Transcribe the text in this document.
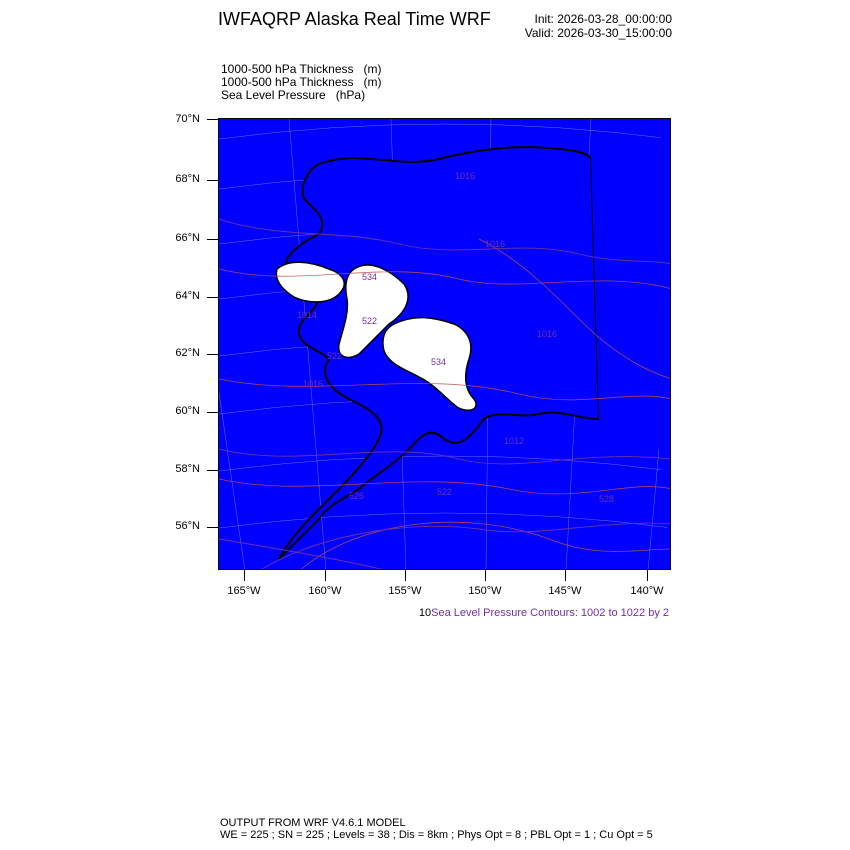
IWFAQRP Alaska Real Time WRF	Init: 2026-03-28_00:00:00
Valid: 2026-03-30_15:00:00
1000-500 hPa Thickness   (m)
1000-500 hPa Thickness   (m)
Sea Level Pressure   (hPa)
70°N
68°N
66°N
64°N
62°N
60°N
58°N
56°N
165°W	160°W	155°W	150°W	145°W	140°W
1016
1016
1014
1016
1012
1016
534
534
522
522
528
526
522
10Sea Level Pressure Contours: 1002 to 1022 by 2
OUTPUT FROM WRF V4.6.1 MODEL
WE = 225 ; SN = 225 ; Levels = 38 ; Dis = 8km ; Phys Opt = 8 ; PBL Opt = 1 ; Cu Opt = 5
